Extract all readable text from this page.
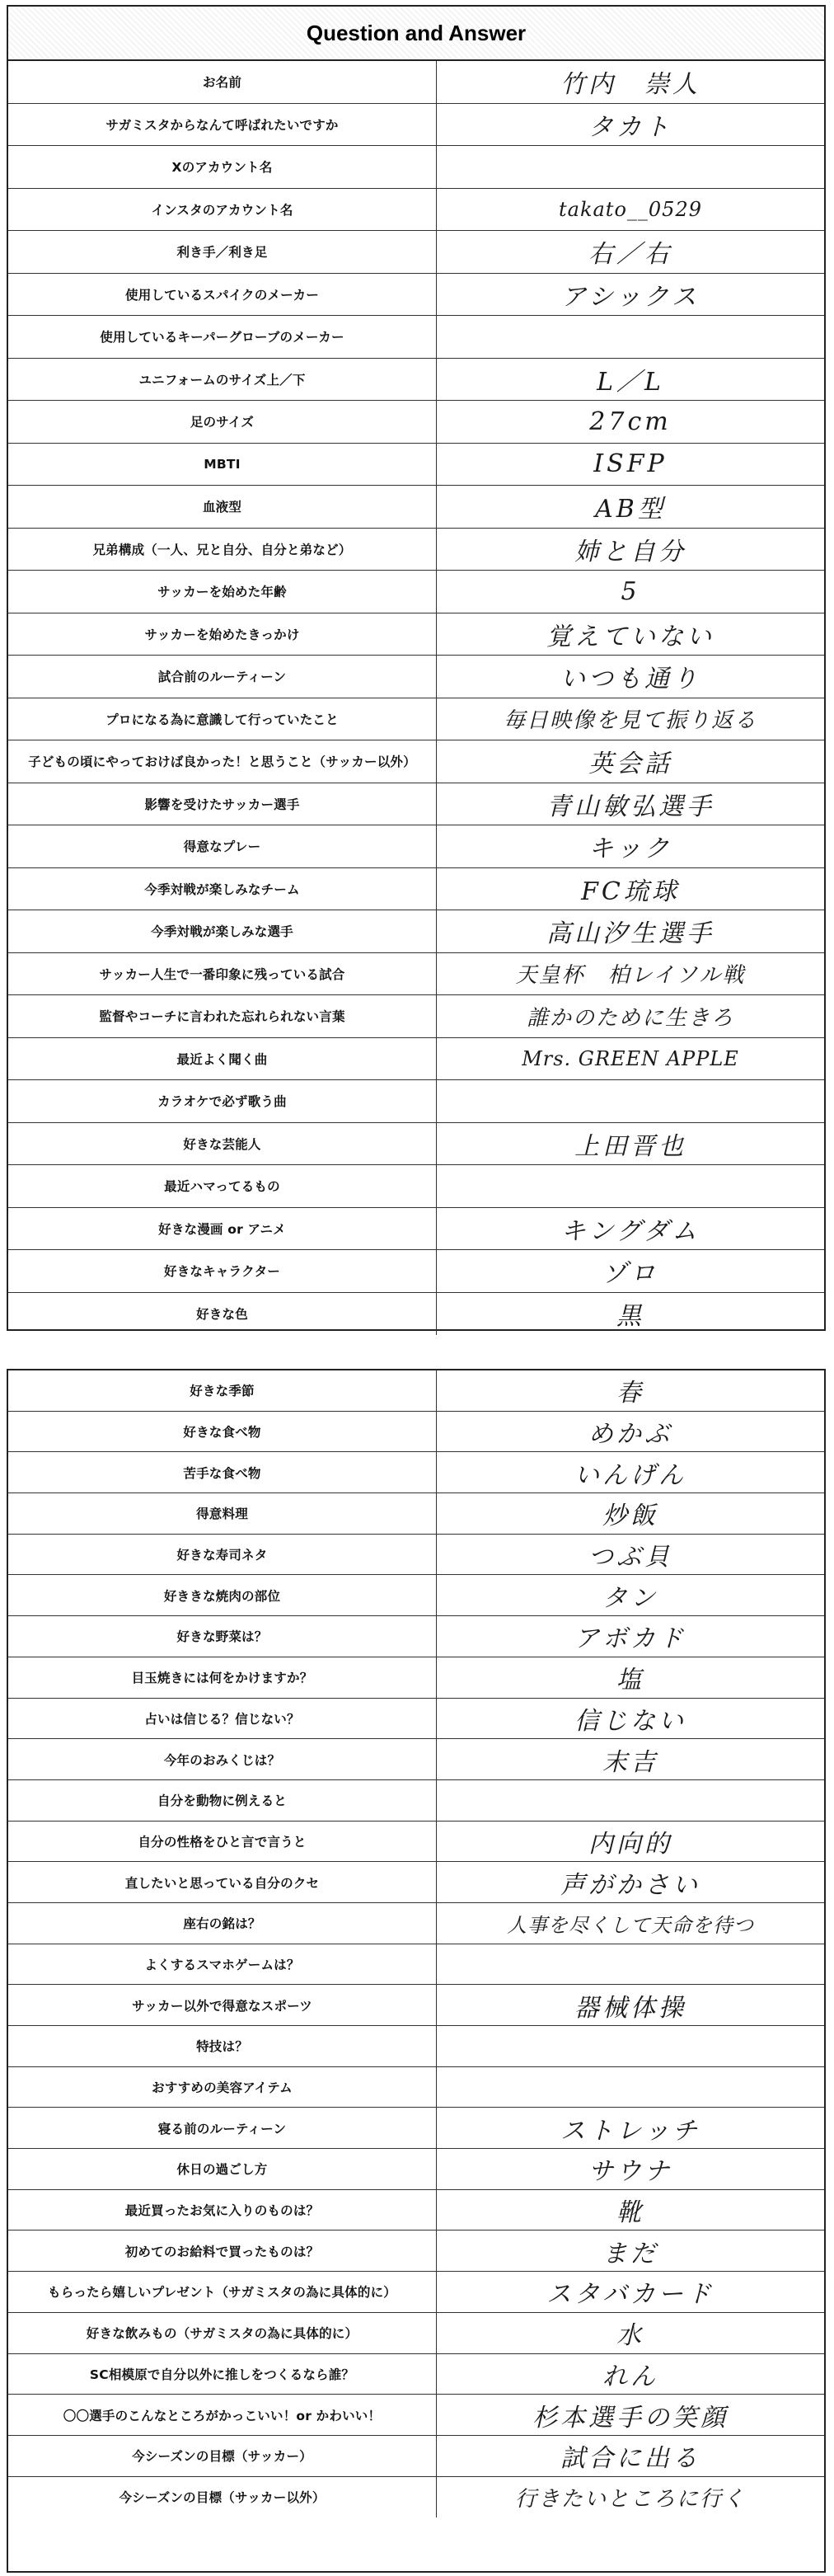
Question and Answer
お名前	竹内　崇人
サガミスタからなんて呼ばれたいですか	タカト
Xのアカウント名
インスタのアカウント名	takato__0529
利き手／利き足	右／右
使用しているスパイクのメーカー	アシックス
使用しているキーパーグローブのメーカー
ユニフォームのサイズ上／下	L／L
足のサイズ	27cm
MBTI	ISFP
血液型	AB型
兄弟構成（一人、兄と自分、自分と弟など）	姉と自分
サッカーを始めた年齢	5
サッカーを始めたきっかけ	覚えていない
試合前のルーティーン	いつも通り
プロになる為に意識して行っていたこと	毎日映像を見て振り返る
子どもの頃にやっておけば良かった！と思うこと（サッカー以外）	英会話
影響を受けたサッカー選手	青山敏弘選手
得意なプレー	キック
今季対戦が楽しみなチーム	FC琉球
今季対戦が楽しみな選手	高山汐生選手
サッカー人生で一番印象に残っている試合	天皇杯　柏レイソル戦
監督やコーチに言われた忘れられない言葉	誰かのために生きろ
最近よく聞く曲	Mrs. GREEN APPLE
カラオケで必ず歌う曲
好きな芸能人	上田晋也
最近ハマってるもの
好きな漫画 or アニメ	キングダム
好きなキャラクター	ゾロ
好きな色	黒
好きな季節	春
好きな食べ物	めかぶ
苦手な食べ物	いんげん
得意料理	炒飯
好きな寿司ネタ	つぶ貝
好ききな焼肉の部位	タン
好きな野菜は？	アボカド
目玉焼きには何をかけますか？	塩
占いは信じる？信じない？	信じない
今年のおみくじは？	末吉
自分を動物に例えると
自分の性格をひと言で言うと	内向的
直したいと思っている自分のクセ	声がかさい
座右の銘は？	人事を尽くして天命を待つ
よくするスマホゲームは？
サッカー以外で得意なスポーツ	器械体操
特技は？
おすすめの美容アイテム
寝る前のルーティーン	ストレッチ
休日の過ごし方	サウナ
最近買ったお気に入りのものは？	靴
初めてのお給料で買ったものは？	まだ
もらったら嬉しいプレゼント（サガミスタの為に具体的に）	スタバカード
好きな飲みもの（サガミスタの為に具体的に）	水
SC相模原で自分以外に推しをつくるなら誰？	れん
〇〇選手のこんなところがかっこいい！or かわいい！	杉本選手の笑顔
今シーズンの目標（サッカー）	試合に出る
今シーズンの目標（サッカー以外）	行きたいところに行く
